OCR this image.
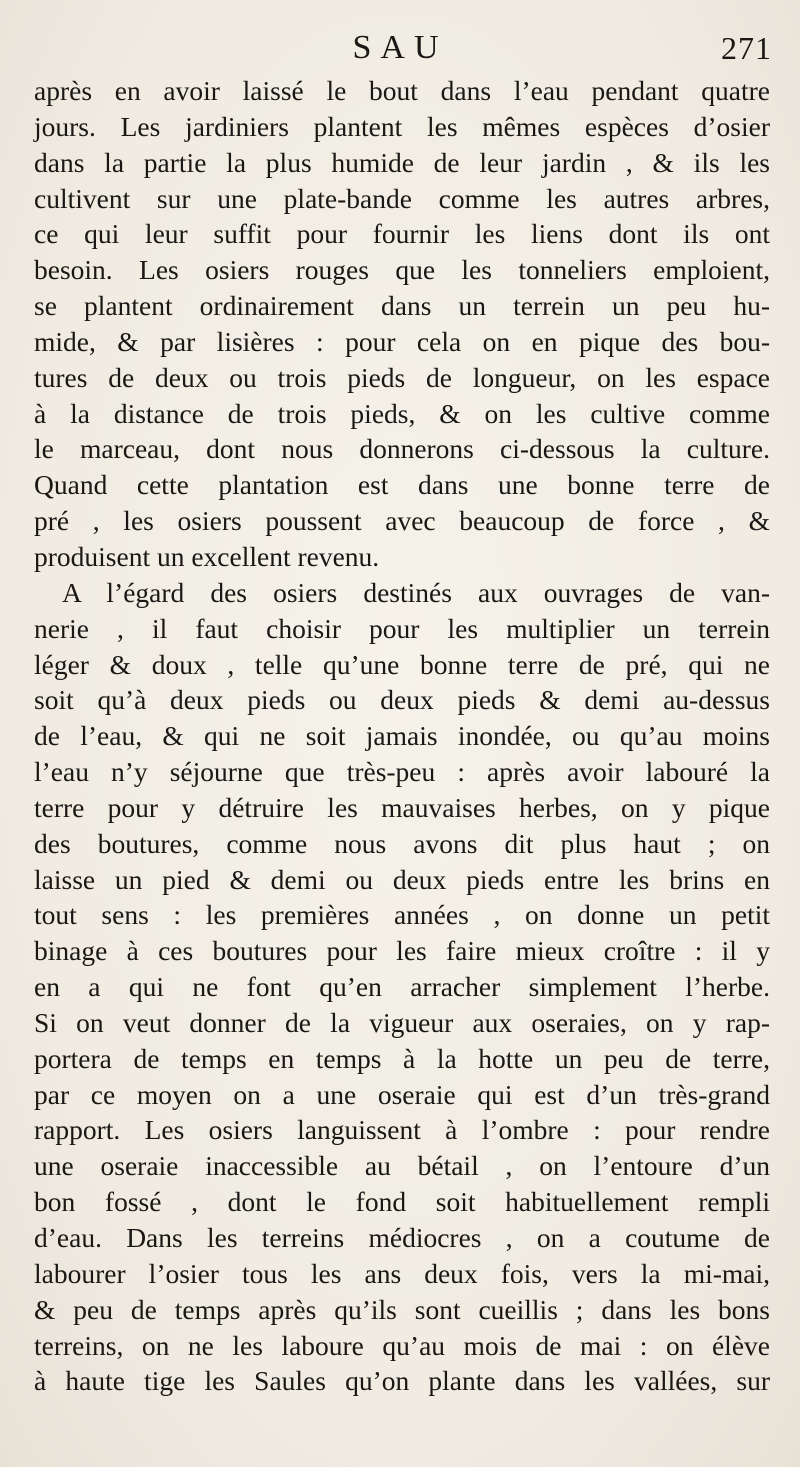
SAU	271
après en avoir laissé le bout dans l’eau pendant quatre
jours. Les jardiniers plantent les mêmes espèces d’osier
dans la partie la plus humide de leur jardin , & ils les
cultivent sur une plate-bande comme les autres arbres,
ce qui leur suffit pour fournir les liens dont ils ont
besoin. Les osiers rouges que les tonneliers emploient,
se plantent ordinairement dans un terrein un peu hu-
mide, & par lisières : pour cela on en pique des bou-
tures de deux ou trois pieds de longueur, on les espace
à la distance de trois pieds, & on les cultive comme
le marceau, dont nous donnerons ci-dessous la culture.
Quand cette plantation est dans une bonne terre de
pré , les osiers poussent avec beaucoup de force , &
produisent un excellent revenu.
A l’égard des osiers destinés aux ouvrages de van-
nerie , il faut choisir pour les multiplier un terrein
léger & doux , telle qu’une bonne terre de pré, qui ne
soit qu’à deux pieds ou deux pieds & demi au-dessus
de l’eau, & qui ne soit jamais inondée, ou qu’au moins
l’eau n’y séjourne que très-peu : après avoir labouré la
terre pour y détruire les mauvaises herbes, on y pique
des boutures, comme nous avons dit plus haut ; on
laisse un pied & demi ou deux pieds entre les brins en
tout sens : les premières années , on donne un petit
binage à ces boutures pour les faire mieux croître : il y
en a qui ne font qu’en arracher simplement l’herbe.
Si on veut donner de la vigueur aux oseraies, on y rap-
portera de temps en temps à la hotte un peu de terre,
par ce moyen on a une oseraie qui est d’un très-grand
rapport. Les osiers languissent à l’ombre : pour rendre
une oseraie inaccessible au bétail , on l’entoure d’un
bon fossé , dont le fond soit habituellement rempli
d’eau. Dans les terreins médiocres , on a coutume de
labourer l’osier tous les ans deux fois, vers la mi-mai,
& peu de temps après qu’ils sont cueillis ; dans les bons
terreins, on ne les laboure qu’au mois de mai : on élève
à haute tige les Saules qu’on plante dans les vallées, sur
